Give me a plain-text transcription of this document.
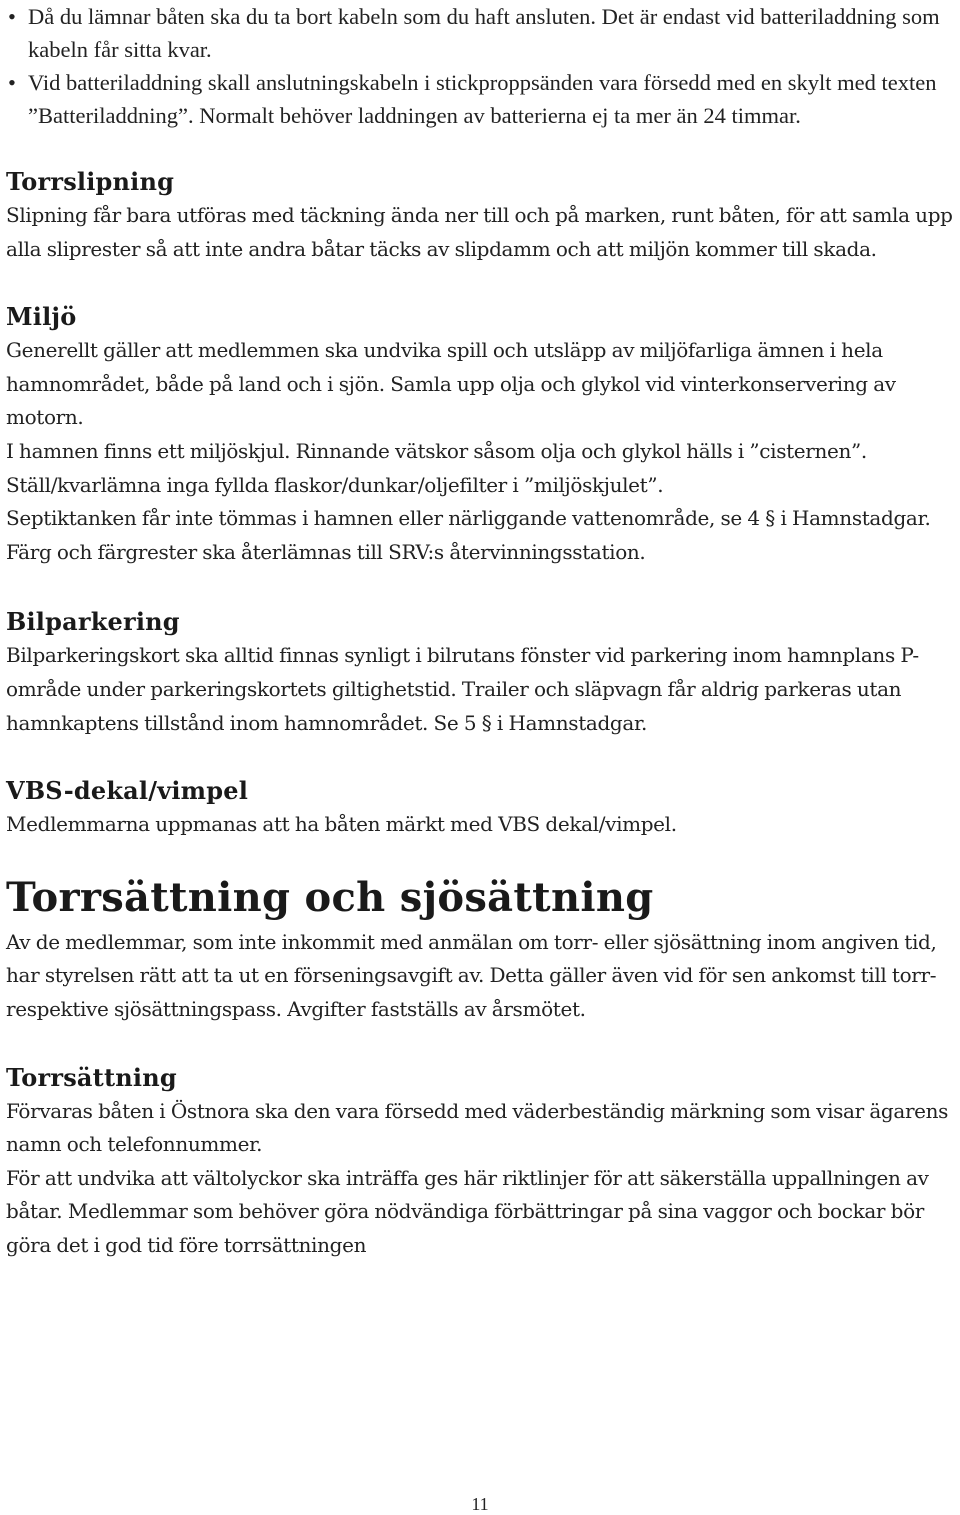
• Då du lämnar båten ska du ta bort kabeln som du haft ansluten. Det är endast vid batteriladdning som kabeln får sitta kvar.
• Vid batteriladdning skall anslutningskabeln i stickproppsänden vara försedd med en skylt med texten ”Batteriladdning”. Normalt behöver laddningen av batterierna ej ta mer än 24 timmar.
Torrslipning

Slipning får bara utföras med täckning ända ner till och på marken, runt båten, för att samla upp alla sliprester så att inte andra båtar täcks av slipdamm och att miljön kommer till skada.

Miljö

Generellt gäller att medlemmen ska undvika spill och utsläpp av miljöfarliga ämnen i hela hamnområdet, både på land och i sjön. Samla upp olja och glykol vid vinterkonservering av motorn.

I hamnen finns ett miljöskjul. Rinnande vätskor såsom olja och glykol hälls i ”cisternen”. Ställ/kvarlämna inga fyllda flaskor/dunkar/oljefilter i ”miljöskjulet”.

Septiktanken får inte tömmas i hamnen eller närliggande vattenområde, se 4 § i Hamnstadgar.

Färg och färgrester ska återlämnas till SRV:s återvinningsstation.

Bilparkering

Bilparkeringskort ska alltid finnas synligt i bilrutans fönster vid parkering inom hamnplans P-område under parkeringskortets giltighetstid. Trailer och släpvagn får aldrig parkeras utan hamnkaptens tillstånd inom hamnområdet. Se 5 § i Hamnstadgar.

VBS-dekal/vimpel

Medlemmarna uppmanas att ha båten märkt med VBS dekal/vimpel.

Torrsättning och sjösättning

Av de medlemmar, som inte inkommit med anmälan om torr- eller sjösättning inom angiven tid, har styrelsen rätt att ta ut en förseningsavgift av. Detta gäller även vid för sen ankomst till torr-respektive sjösättningspass. Avgifter fastställs av årsmötet.

Torrsättning

Förvaras båten i Östnora ska den vara försedd med väderbeständig märkning som visar ägarens namn och telefonnummer.

För att undvika att vältolyckor ska inträffa ges här riktlinjer för att säkerställa uppallningen av båtar. Medlemmar som behöver göra nödvändiga förbättringar på sina vaggor och bockar bör göra det i god tid före torrsättningen

11
